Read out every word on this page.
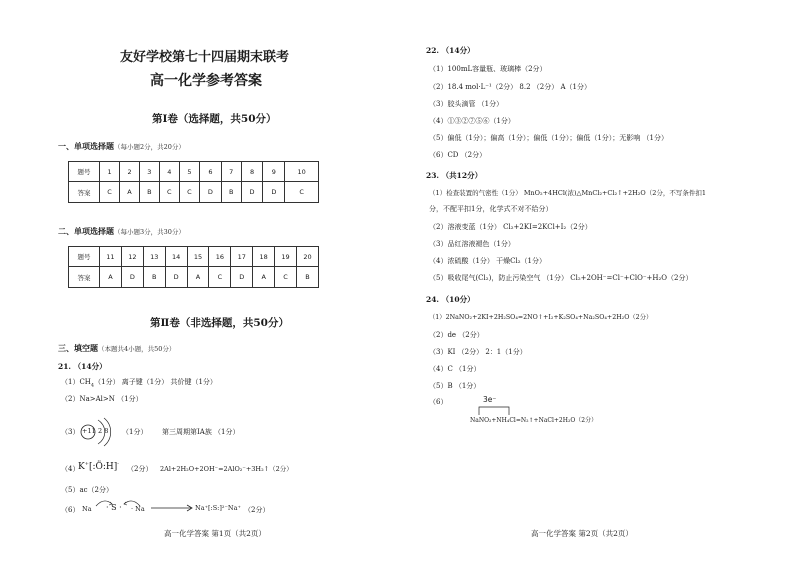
友好学校第七十四届期末联考
高一化学参考答案
第Ⅰ卷（选择题，共50分）
一、单项选择题（每小题2分，共20分）
题号	1	2	3	4	5	6	7	8	9	10
答案	C	A	B	C	C	D	B	D	D	C
二、单项选择题（每小题3分，共30分）
题号	11	12	13	14	15	16	17	18	19	20
答案	A	D	B	D	A	C	D	A	C	B
第Ⅱ卷（非选择题，共50分）
三、填空题（本题共4小题，共50分）
21. （14分）
$(1)CH_4(1$分） 离子键（1分） 共价键（1分）
（2）Na>Al>N （1分）
（3） +11 2 8 （1分） 第三周期第ⅠA族 （1分）
（4）
K+[:Ö:H]-
（2分） 2Al+2H₂O+2OH⁻=2AlO₂⁻+3H₂↑（2分）
（5）ac（2分）
（6） Na · S · · Na → Na⁺[:S:]²⁻Na⁺ （2分）
高一化学答案 第1页（共2页）
22. （14分）
（1）100mL容量瓶、玻璃棒（2分）
（2）18.4 mol·L⁻¹（2分） 8.2 （2分） A（1分）
（3）胶头滴管 （1分）
（4）①③②⑦⑤⑥（1分）
（5）偏低（1分）；偏高（1分）；偏低（1分）；偏低（1分）；无影响 （1分）
（6）CD （2分）
23. （共12分）
（1）检查装置的气密性（1分） MnO₂+4HCl(浓)△MnCl₂+Cl₂↑+2H₂O（2分，不写条件扣1
分，不配平扣1分，化学式不对不给分）
（2）溶液变蓝（1分） Cl₂+2KI=2KCl+I₂（2分）
（3）品红溶液褪色（1分）
（4）浓硫酸（1分） 干燥Cl₂（1分）
（5）吸收尾气(Cl₂)，防止污染空气 （1分） Cl₂+2OH⁻=Cl⁻+ClO⁻+H₂O（2分）
24. （10分）
（1）2NaNO₂+2KI+2H₂SO₄=2NO↑+I₂+K₂SO₄+Na₂SO₄+2H₂O（2分）
（2）de （2分）
（3）KI （2分） 2：1（1分）
（4）C （1分）
（5）B （1分）
（6）	3e⁻
NaNO₂+NH₄Cl=N₂↑+NaCl+2H₂O（2分）
高一化学答案 第2页（共2页）
